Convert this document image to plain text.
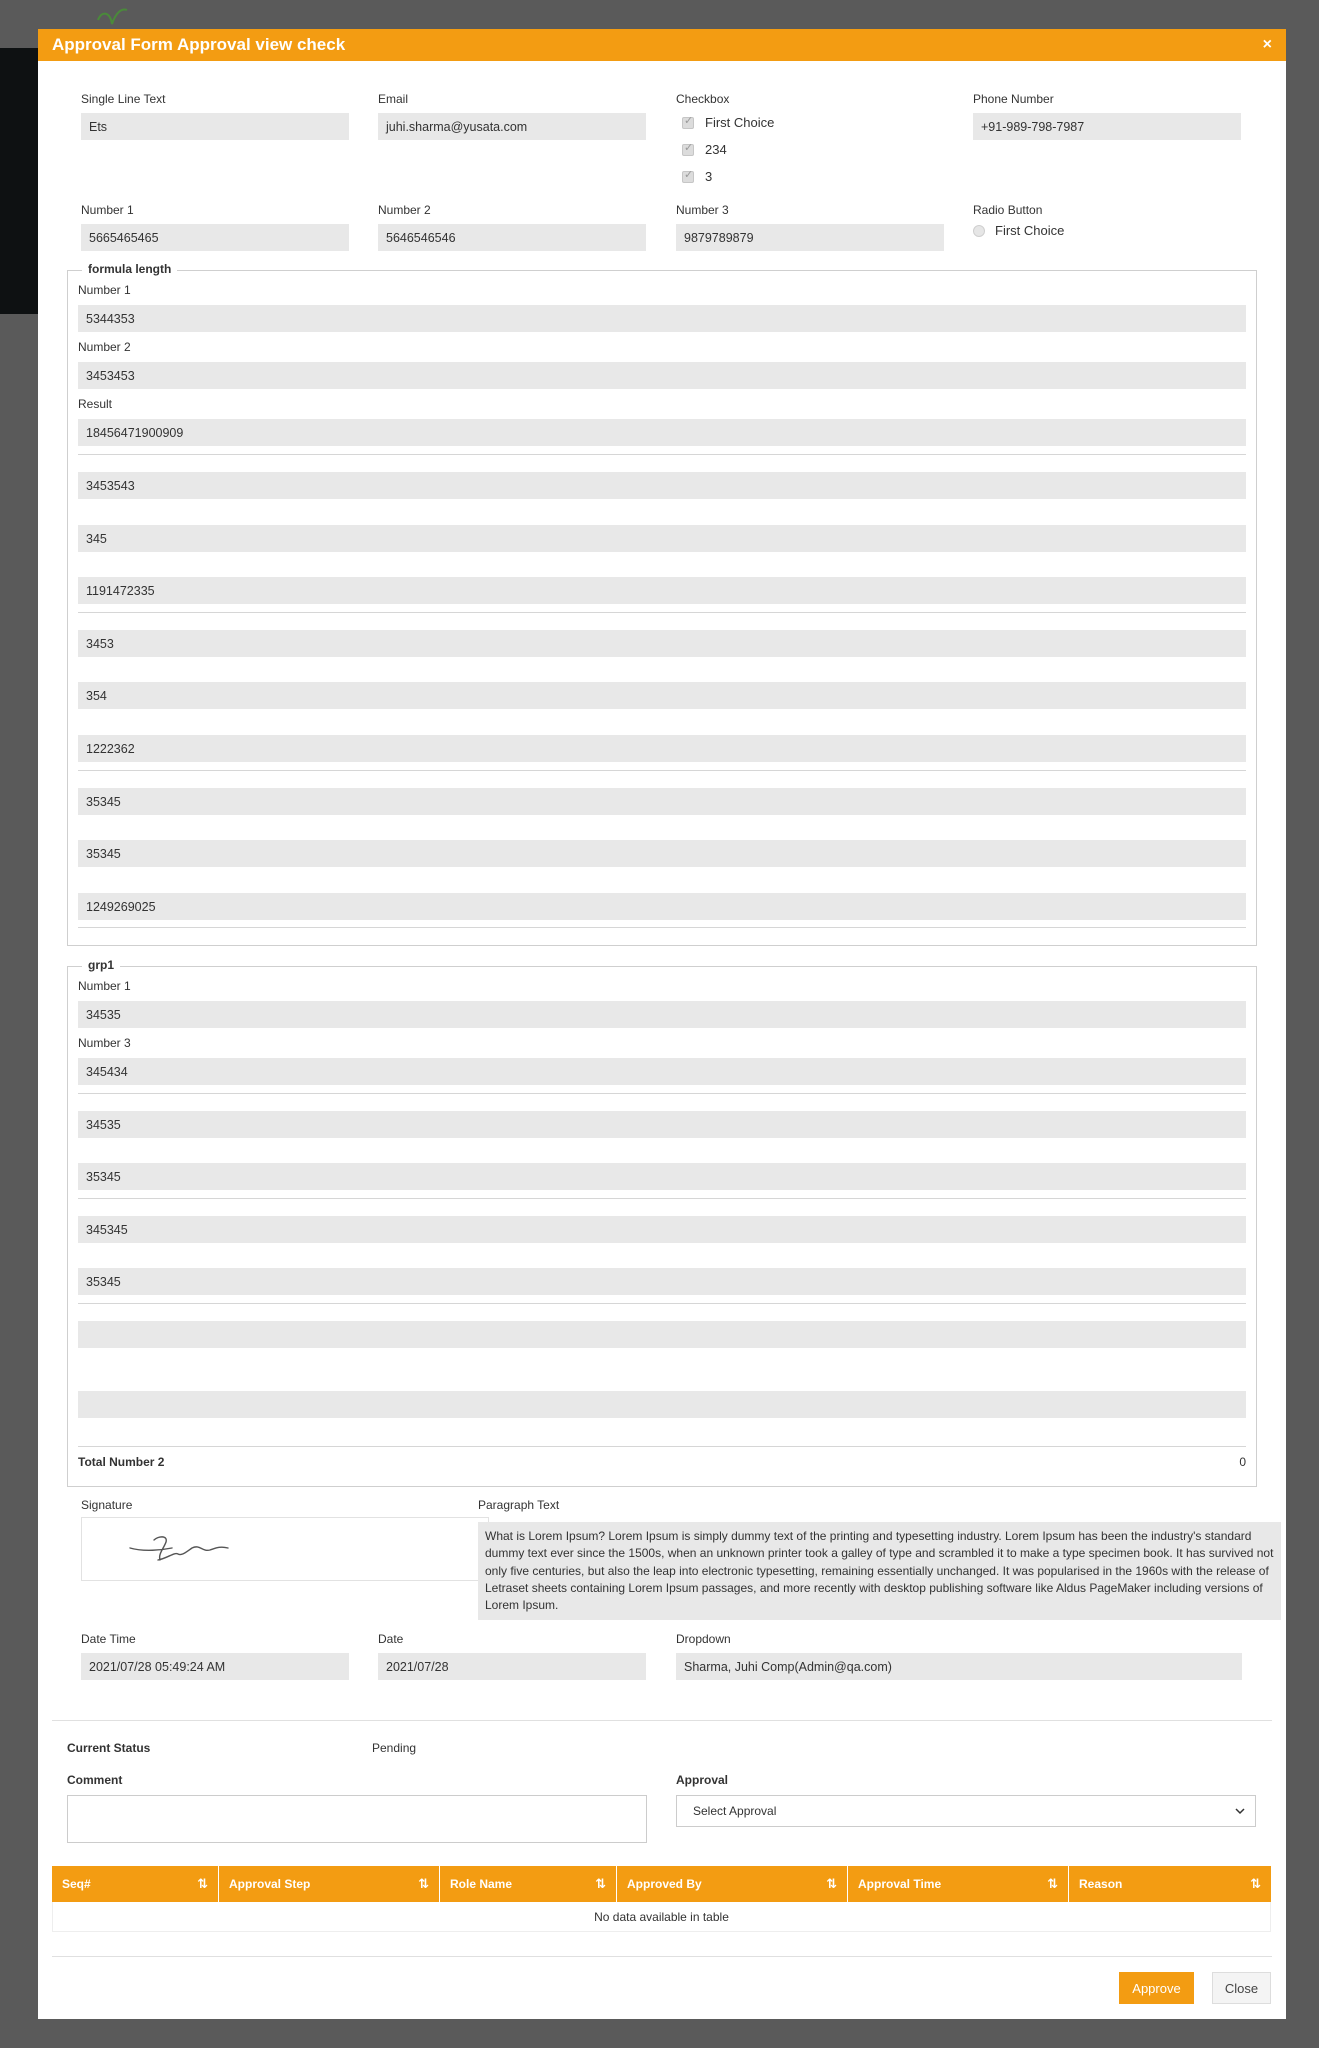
Approval Form Approval view check	×
Single Line Text
Ets
Email
juhi.sharma@yusata.com
Checkbox
✓
First Choice
✓
234
✓
3
Phone Number
+91-989-798-7987
Number 1
5665465465
Number 2
5646546546
Number 3
9879789879
Radio Button
First Choice
formula length
Number 1
5344353
Number 2
3453453
Result
18456471900909
3453543
345
1191472335
3453
354
1222362
35345
35345
1249269025
grp1
Number 1
34535
Number 3
345434
34535
35345
345345
35345
Total Number 2	0
Signature	Paragraph Text
What is Lorem Ipsum? Lorem Ipsum is simply dummy text of the printing and typesetting industry. Lorem Ipsum has been the industry's standard dummy text ever since the 1500s, when an unknown printer took a galley of type and scrambled it to make a type specimen book. It has survived not only five centuries, but also the leap into electronic typesetting, remaining essentially unchanged. It was popularised in the 1960s with the release of Letraset sheets containing Lorem Ipsum passages, and more recently with desktop publishing software like Aldus PageMaker including versions of Lorem Ipsum.
Date Time
2021/07/28 05:49:24 AM
Date
2021/07/28
Dropdown
Sharma, Juhi Comp(Admin@qa.com)
Current Status	Pending
Comment	Approval
Select Approval
Seq#	⇅ Approval Step	⇅ Role Name	⇅ Approved By	⇅ Approval Time	⇅ Reason	⇅
No data available in table
Approve	Close
